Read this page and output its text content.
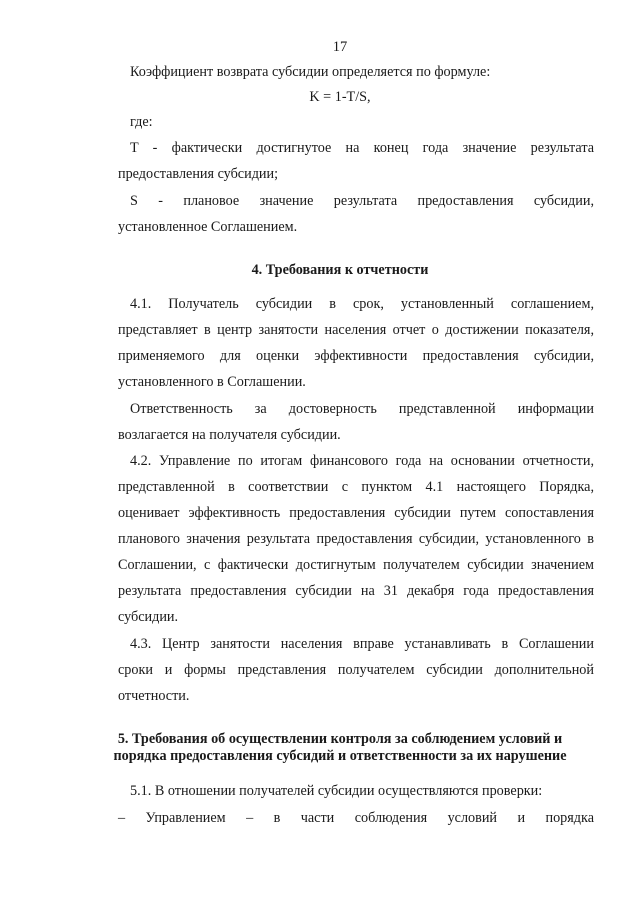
17
Коэффициент возврата субсидии определяется по формуле:
K = 1-T/S,
где:
T - фактически достигнутое на конец года значение результата
предоставления субсидии;
S - плановое значение результата предоставления субсидии,
установленное Соглашением.
4. Требования к отчетности
4.1. Получатель субсидии в срок, установленный соглашением,
представляет в центр занятости населения отчет о достижении показателя,
применяемого для оценки эффективности предоставления субсидии,
установленного в Соглашении.
Ответственность за достоверность представленной информации
возлагается на получателя субсидии.
4.2. Управление по итогам финансового года на основании отчетности,
представленной в соответствии с пунктом 4.1 настоящего Порядка,
оценивает эффективность предоставления субсидии путем сопоставления
планового значения результата предоставления субсидии, установленного в
Соглашении, с фактически достигнутым получателем субсидии значением
результата предоставления субсидии на 31 декабря года предоставления
субсидии.
4.3. Центр занятости населения вправе устанавливать в Соглашении
сроки и формы представления получателем субсидии дополнительной
отчетности.
5. Требования об осуществлении контроля за соблюдением условий и
порядка предоставления субсидий и ответственности за их нарушение
5.1. В отношении получателей субсидии осуществляются проверки:
– Управлением – в части соблюдения условий и порядка
